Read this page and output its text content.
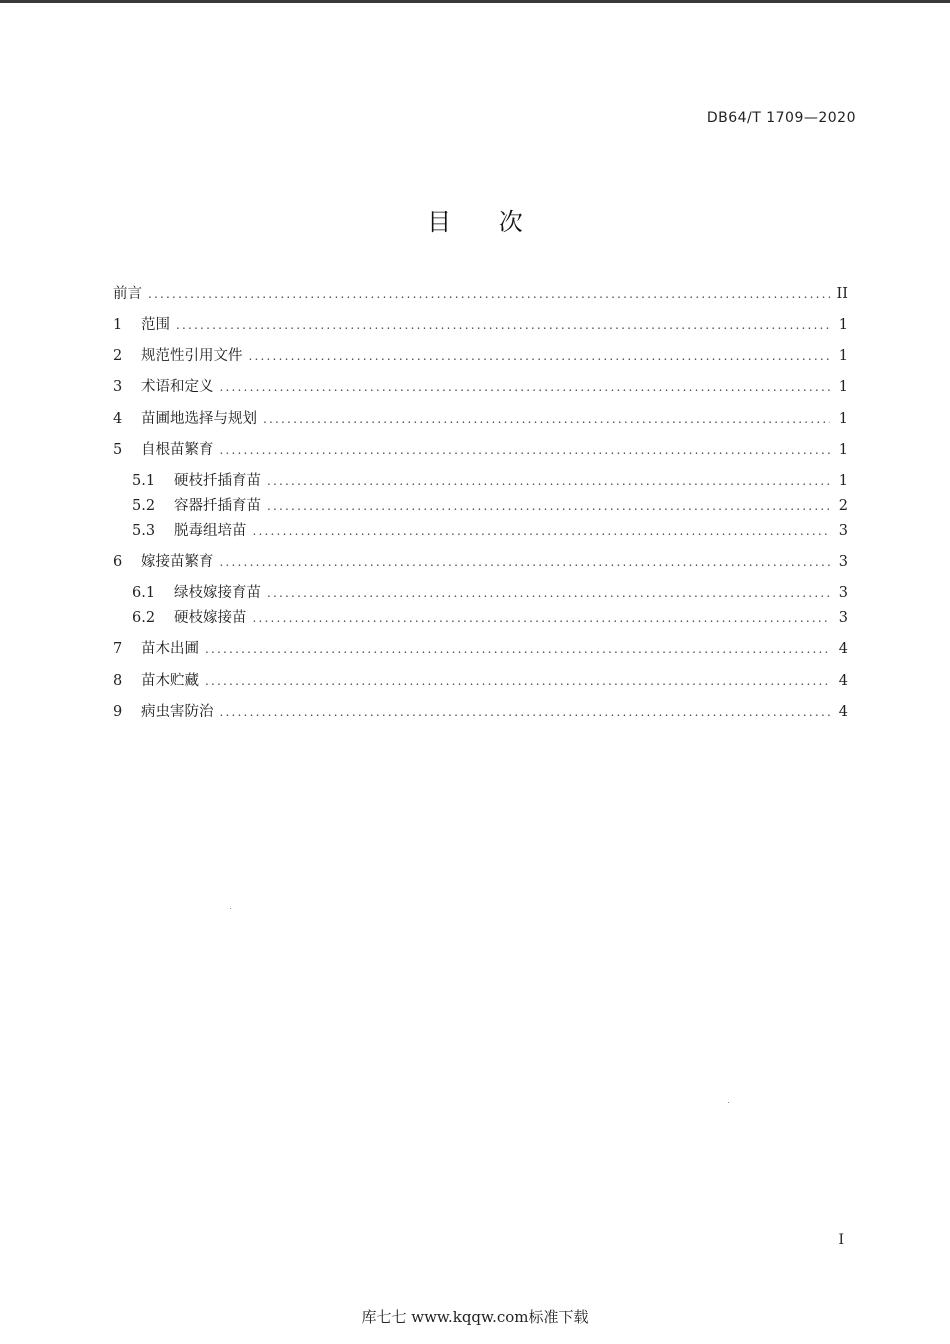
DB64/T 1709—2020
目 次
前言 .....	II
1	范围 .....	1
2	规范性引用文件 .....	1
3	术语和定义 .....	1
4	苗圃地选择与规划 .....	1
5	自根苗繁育 .....	1
5.1	硬枝扦插育苗 .....	1
5.2	容器扦插育苗 .....	2
5.3	脱毒组培苗 .....	3
6	嫁接苗繁育 .....	3
6.1	绿枝嫁接育苗 .....	3
6.2	硬枝嫁接苗 .....	3
7	苗木出圃 .....	4
8	苗木贮藏 .....	4
9	病虫害防治 .....	4
I
库七七 www.kqqw.com标准下载
